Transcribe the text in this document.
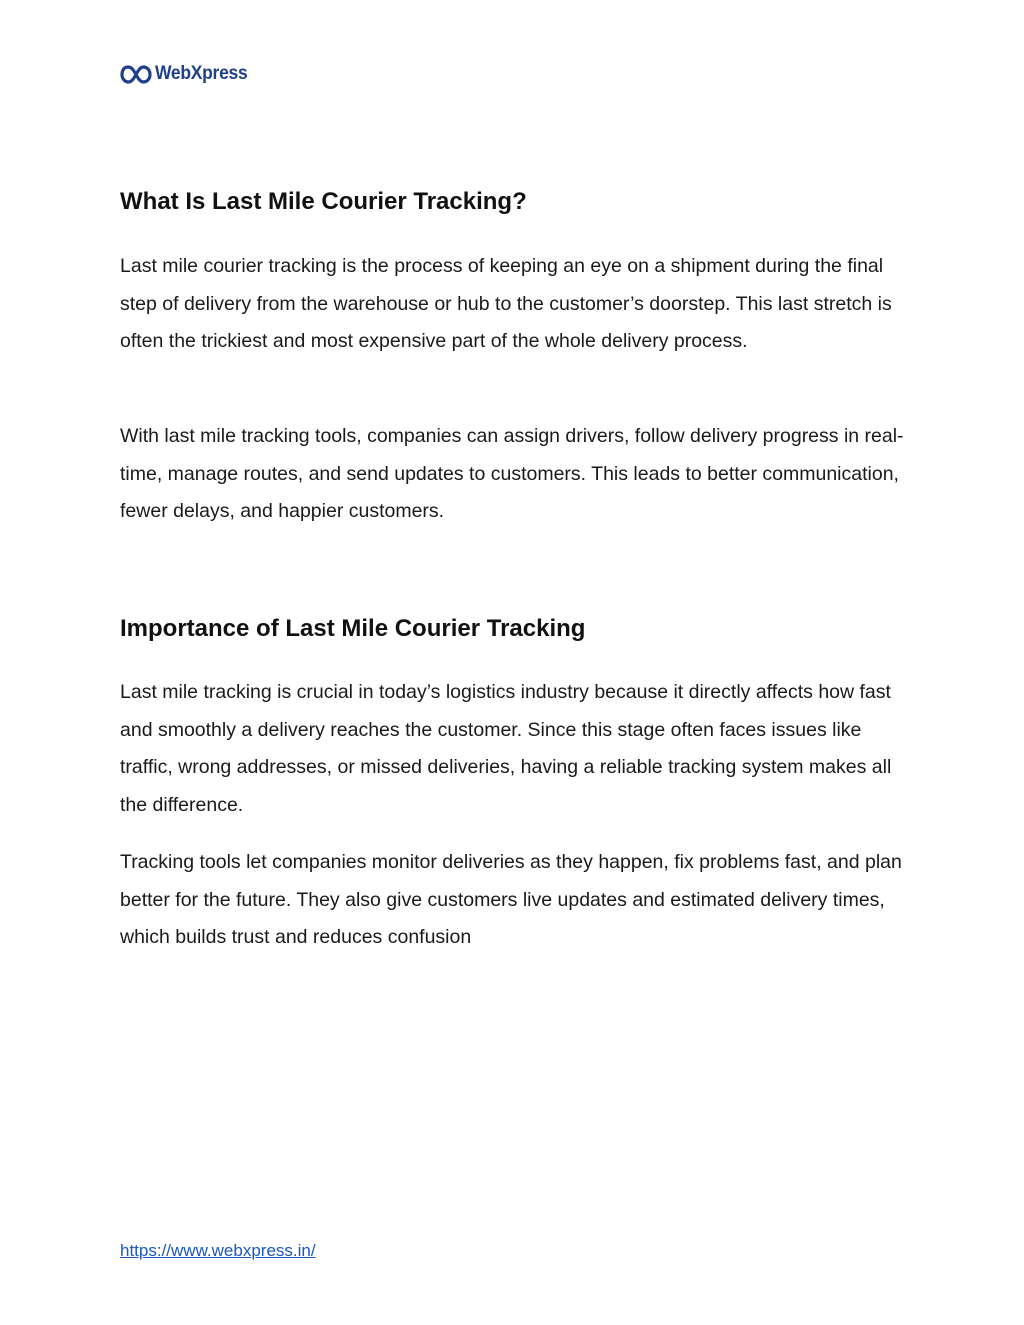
WebXpress
What Is Last Mile Courier Tracking?

Last mile courier tracking is the process of keeping an eye on a shipment during the final step of delivery from the warehouse or hub to the customer’s doorstep. This last stretch is often the trickiest and most expensive part of the whole delivery process.

With last mile tracking tools, companies can assign drivers, follow delivery progress in real-time, manage routes, and send updates to customers. This leads to better communication, fewer delays, and happier customers.

Importance of Last Mile Courier Tracking

Last mile tracking is crucial in today’s logistics industry because it directly affects how fast and smoothly a delivery reaches the customer. Since this stage often faces issues like traffic, wrong addresses, or missed deliveries, having a reliable tracking system makes all the difference.

Tracking tools let companies monitor deliveries as they happen, fix problems fast, and plan better for the future. They also give customers live updates and estimated delivery times, which builds trust and reduces confusion

https://www.webxpress.in/
